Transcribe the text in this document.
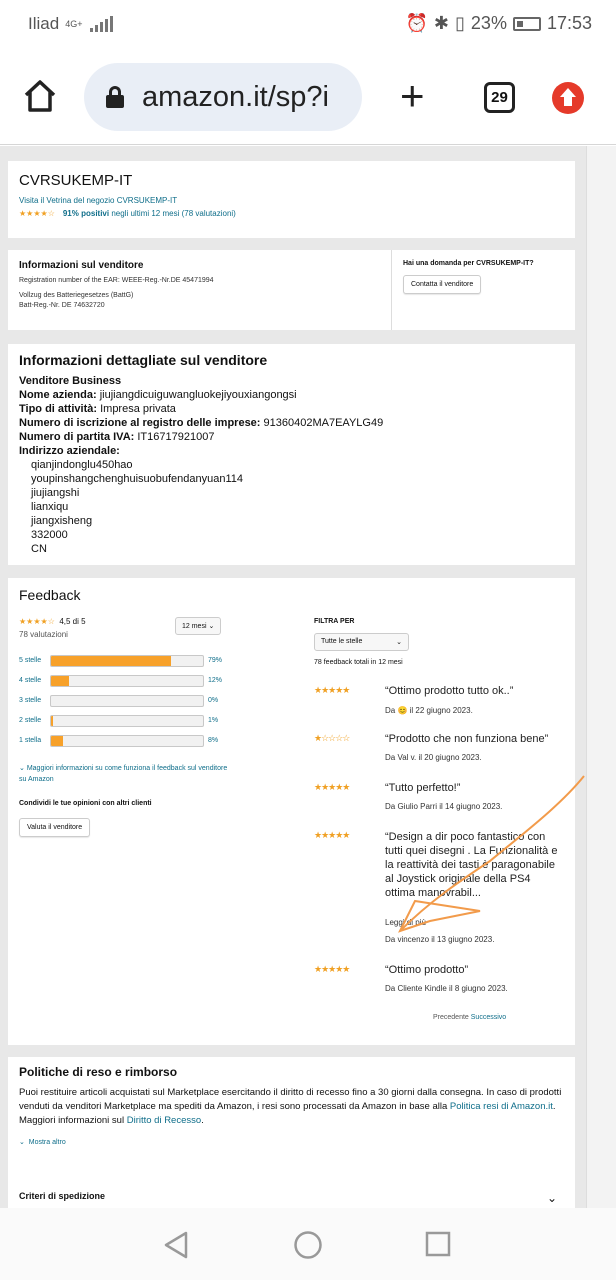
Iliad 4G+	⏰ ✱ ▯ 23% 17:53
amazon.it/sp?i +	29
CVRSUKEMP-IT
Visita il Vetrina del negozio CVRSUKEMP-IT
★★★★☆ 91% positivi negli ultimi 12 mesi (78 valutazioni)
Informazioni sul venditore
Registration number of the EAR: WEEE-Reg.-Nr.DE 45471994
Vollzug des Batteriegesetzes (BattG)
Batt-Reg.-Nr. DE 74632720
Hai una domanda per CVRSUKEMP-IT?
Contatta il venditore
Informazioni dettagliate sul venditore
Venditore Business
Nome azienda: jiujiangdicuiguwangluokejiyouxiangongsi
Tipo di attività: Impresa privata
Numero di iscrizione al registro delle imprese: 91360402MA7EAYLG49
Numero di partita IVA: IT16717921007
Indirizzo aziendale:
qianjindonglu450hao
youpinshangchenghuisuobufendanyuan114
jiujiangshi
lianxiqu
jiangxisheng
332000
CN
Feedback
★★★★☆ 4,5 di 5
78 valutazioni
12 mesi ⌄
5 stelle	79%
4 stelle	12%
3 stelle	0%
2 stelle	1%
1 stella	8%
⌄ Maggiori informazioni su come funziona il feedback sul venditore su Amazon
Condividi le tue opinioni con altri clienti
Valuta il venditore
FILTRA PER
Tutte le stelle	⌄
78 feedback totali in 12 mesi
★★★★★	“Ottimo prodotto tutto ok..”
Da 😊 il 22 giugno 2023.
★☆☆☆☆	“Prodotto che non funziona bene”
Da Val v. il 20 giugno 2023.
★★★★★	“Tutto perfetto!”
Da Giulio Parri il 14 giugno 2023.
★★★★★	“Design a dir poco fantastico con tutti quei disegni . La Funzionalità e la reattività dei tasti è paragonabile al Joystick originale della PS4 ottima manovrabil...
Leggi di più
Da vincenzo il 13 giugno 2023.
★★★★★	“Ottimo prodotto”
Da Cliente Kindle il 8 giugno 2023.
Precedente Successivo
Politiche di reso e rimborso
Puoi restituire articoli acquistati sul Marketplace esercitando il diritto di recesso fino a 30 giorni dalla consegna. In caso di prodotti venduti da venditori Marketplace ma spediti da Amazon, i resi sono processati da Amazon in base alla Politica resi di Amazon.it. Maggiori informazioni sul Diritto di Recesso.
⌄ Mostra altro
Criteri di spedizione	⌄
